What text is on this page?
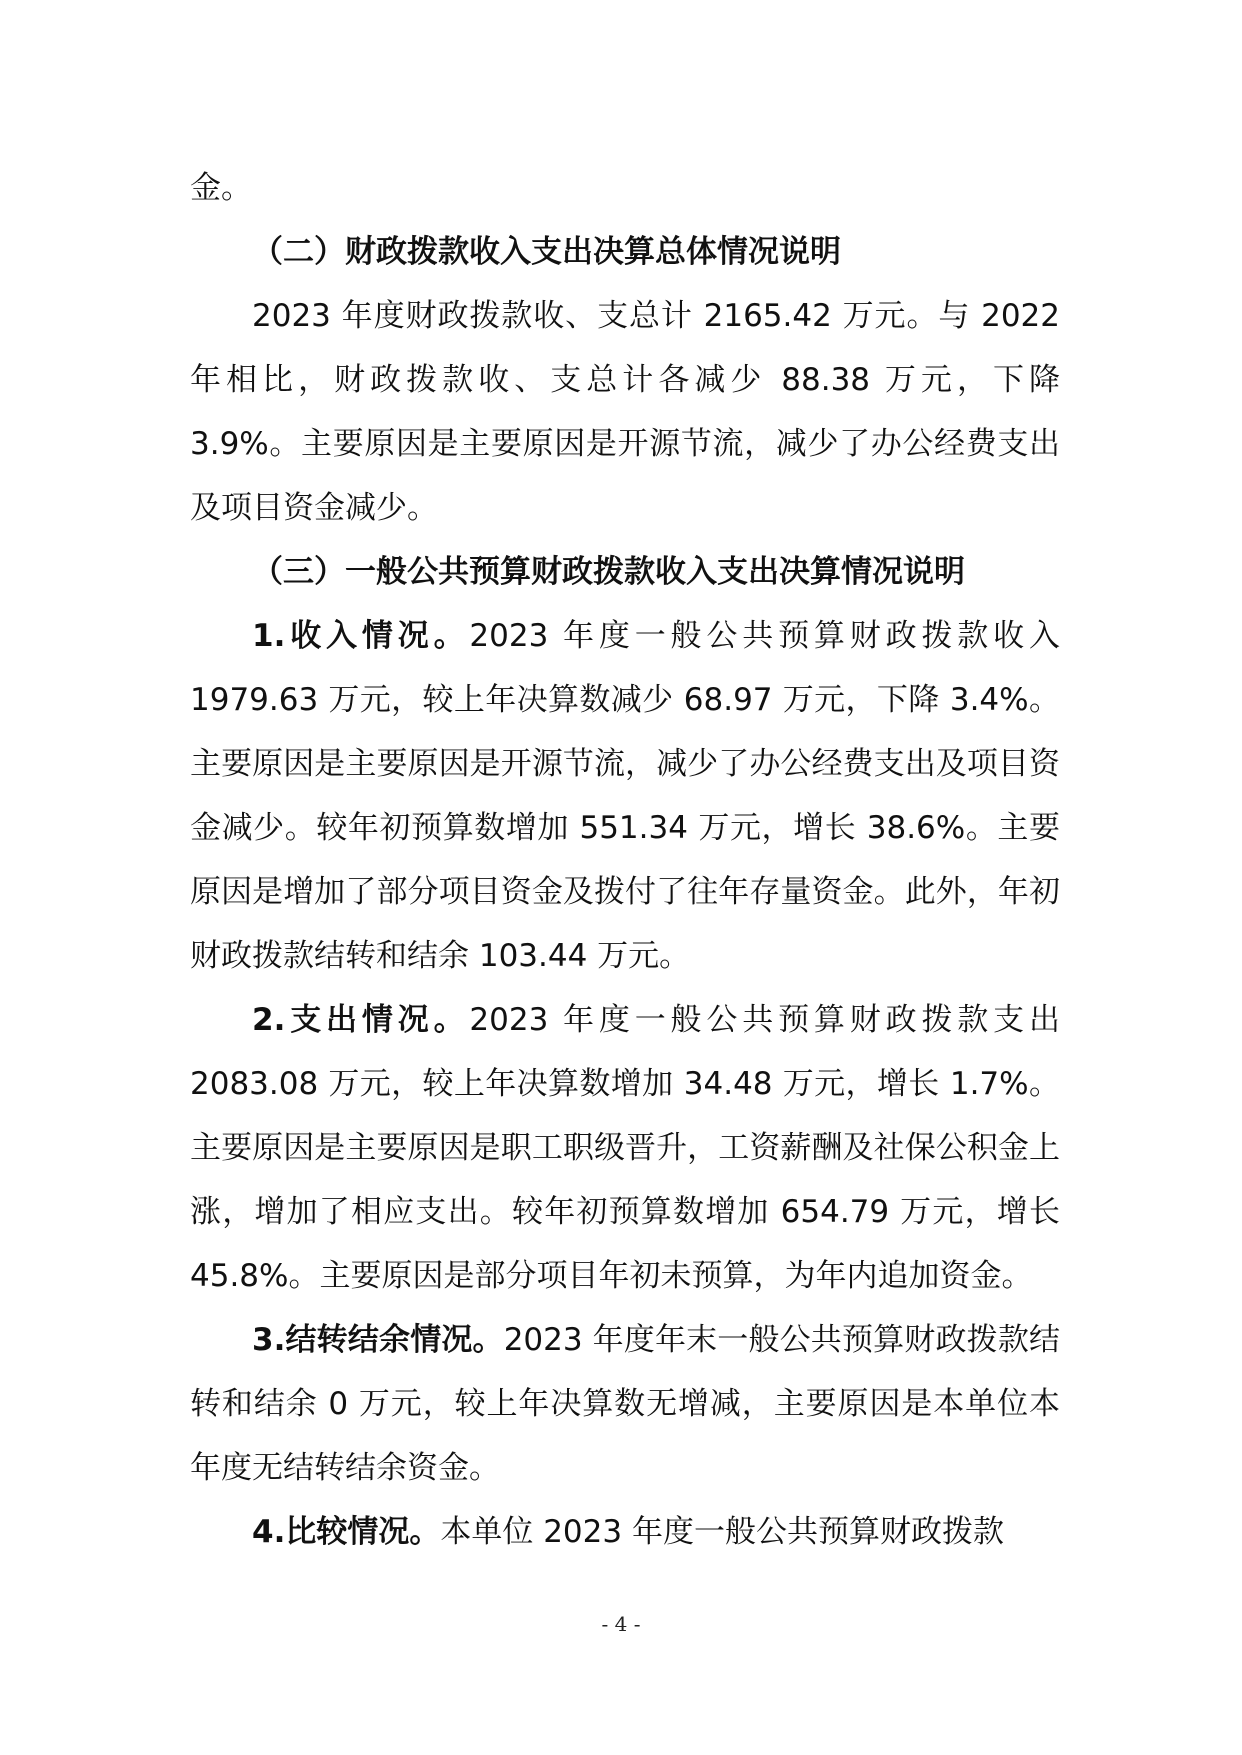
金。

（二）财政拨款收入支出决算总体情况说明

2023 年度财政拨款收、支总计 2165.42 万元。与 2022 年相比，财政拨款收、支总计各减少 88.38 万元，下降 3.9%。主要原因是主要原因是开源节流，减少了办公经费支出及项目资金减少。

（三）一般公共预算财政拨款收入支出决算情况说明

1.收入情况。2023 年度一般公共预算财政拨款收入 1979.63 万元，较上年决算数减少 68.97 万元，下降 3.4%。主要原因是主要原因是开源节流，减少了办公经费支出及项目资金减少。较年初预算数增加 551.34 万元，增长 38.6%。主要原因是增加了部分项目资金及拨付了往年存量资金。此外，年初财政拨款结转和结余 103.44 万元。

2.支出情况。2023 年度一般公共预算财政拨款支出 2083.08 万元，较上年决算数增加 34.48 万元，增长 1.7%。主要原因是主要原因是职工职级晋升，工资薪酬及社保公积金上涨，增加了相应支出。较年初预算数增加 654.79 万元，增长 45.8%。主要原因是部分项目年初未预算，为年内追加资金。

3.结转结余情况。2023 年度年末一般公共预算财政拨款结转和结余 0 万元，较上年决算数无增减，主要原因是本单位本年度无结转结余资金。

4.比较情况。本单位 2023 年度一般公共预算财政拨款

- 4 -
